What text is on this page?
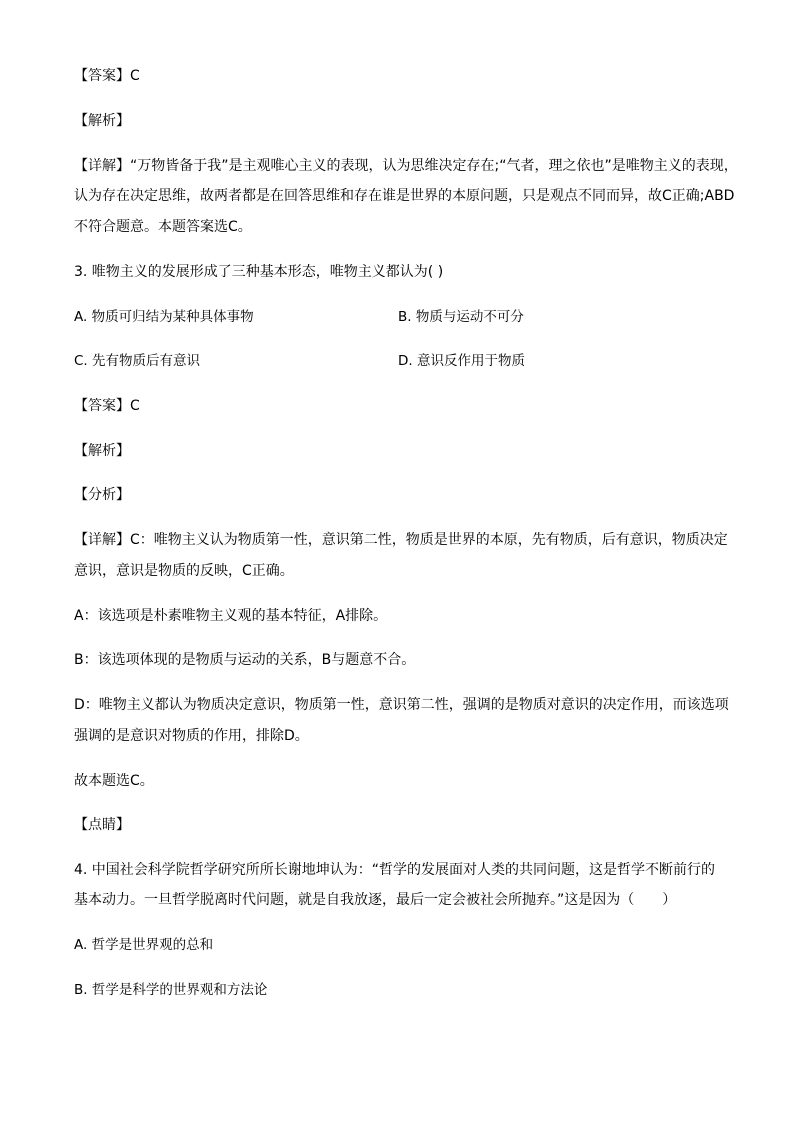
【答案】C
【解析】
【详解】“万物皆备于我”是主观唯心主义的表现，认为思维决定存在;“气者，理之依也”是唯物主义的表现，
认为存在决定思维，故两者都是在回答思维和存在谁是世界的本原问题，只是观点不同而异，故C正确;ABD
不符合题意。本题答案选C。
3. 唯物主义的发展形成了三种基本形态，唯物主义都认为( )
A. 物质可归结为某种具体事物	B. 物质与运动不可分
C. 先有物质后有意识	D. 意识反作用于物质
【答案】C
【解析】
【分析】
【详解】C：唯物主义认为物质第一性，意识第二性，物质是世界的本原，先有物质，后有意识，物质决定
意识，意识是物质的反映，C正确。
A：该选项是朴素唯物主义观的基本特征，A排除。
B：该选项体现的是物质与运动的关系，B与题意不合。
D：唯物主义都认为物质决定意识，物质第一性，意识第二性，强调的是物质对意识的决定作用，而该选项
强调的是意识对物质的作用，排除D。
故本题选C。
【点睛】
4. 中国社会科学院哲学研究所所长谢地坤认为：“哲学的发展面对人类的共同问题，这是哲学不断前行的
基本动力。一旦哲学脱离时代问题，就是自我放逐，最后一定会被社会所抛弃。”这是因为（　　）
A. 哲学是世界观的总和
B. 哲学是科学的世界观和方法论
